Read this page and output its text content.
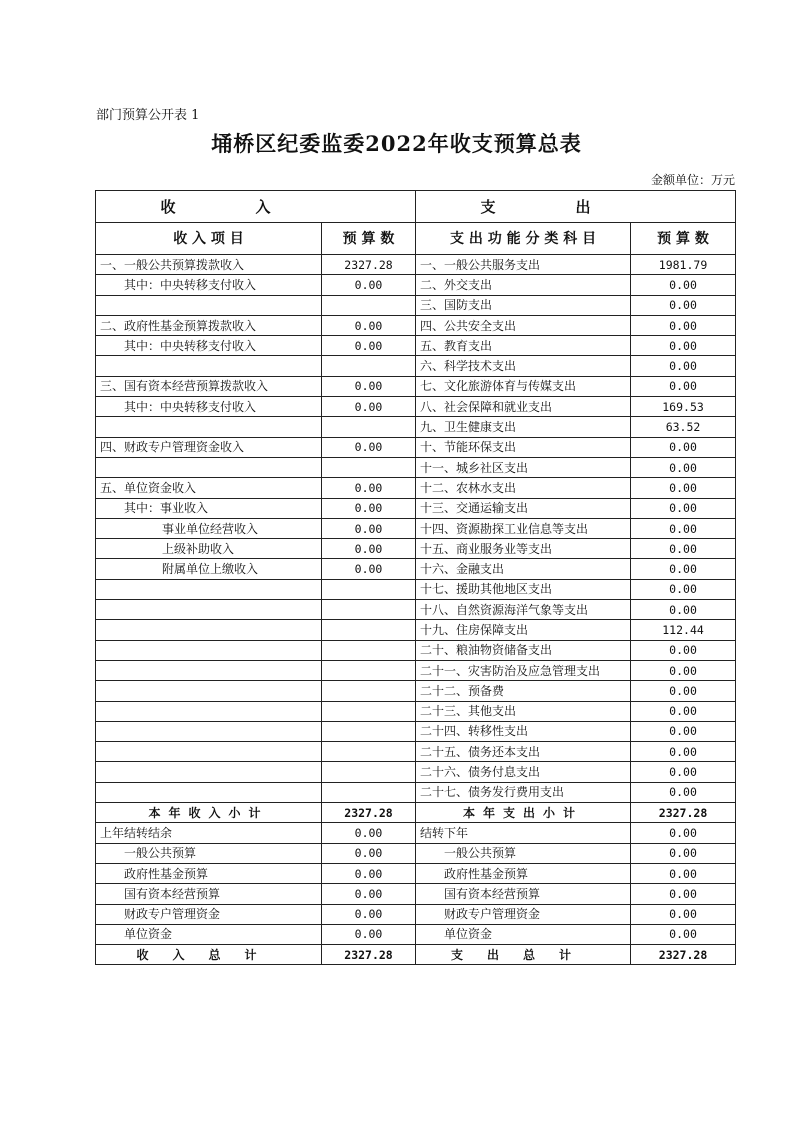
部门预算公开表 1
埇桥区纪委监委2022年收支预算总表
金额单位：万元
收入		支出	
收 入 项 目	预 算 数	支 出 功 能 分 类 科 目	预 算 数
一、一般公共预算拨款收入	2327.28	一、一般公共服务支出	1981.79
其中：中央转移支付收入	0.00	二、外交支出	0.00
		三、国防支出	0.00
二、政府性基金预算拨款收入	0.00	四、公共安全支出	0.00
其中：中央转移支付收入	0.00	五、教育支出	0.00
		六、科学技术支出	0.00
三、国有资本经营预算拨款收入	0.00	七、文化旅游体育与传媒支出	0.00
其中：中央转移支付收入	0.00	八、社会保障和就业支出	169.53
		九、卫生健康支出	63.52
四、财政专户管理资金收入	0.00	十、节能环保支出	0.00
		十一、城乡社区支出	0.00
五、单位资金收入	0.00	十二、农林水支出	0.00
其中：事业收入	0.00	十三、交通运输支出	0.00
事业单位经营收入	0.00	十四、资源勘探工业信息等支出	0.00
上级补助收入	0.00	十五、商业服务业等支出	0.00
附属单位上缴收入	0.00	十六、金融支出	0.00
		十七、援助其他地区支出	0.00
		十八、自然资源海洋气象等支出	0.00
		十九、住房保障支出	112.44
		二十、粮油物资储备支出	0.00
		二十一、灾害防治及应急管理支出	0.00
		二十二、预备费	0.00
		二十三、其他支出	0.00
		二十四、转移性支出	0.00
		二十五、债务还本支出	0.00
		二十六、债务付息支出	0.00
		二十七、债务发行费用支出	0.00
本年收入小计	2327.28	本年支出小计	2327.28
上年结转结余	0.00	结转下年	0.00
一般公共预算	0.00	一般公共预算	0.00
政府性基金预算	0.00	政府性基金预算	0.00
国有资本经营预算	0.00	国有资本经营预算	0.00
财政专户管理资金	0.00	财政专户管理资金	0.00
单位资金	0.00	单位资金	0.00
收入总计	2327.28	支出总计	2327.28
